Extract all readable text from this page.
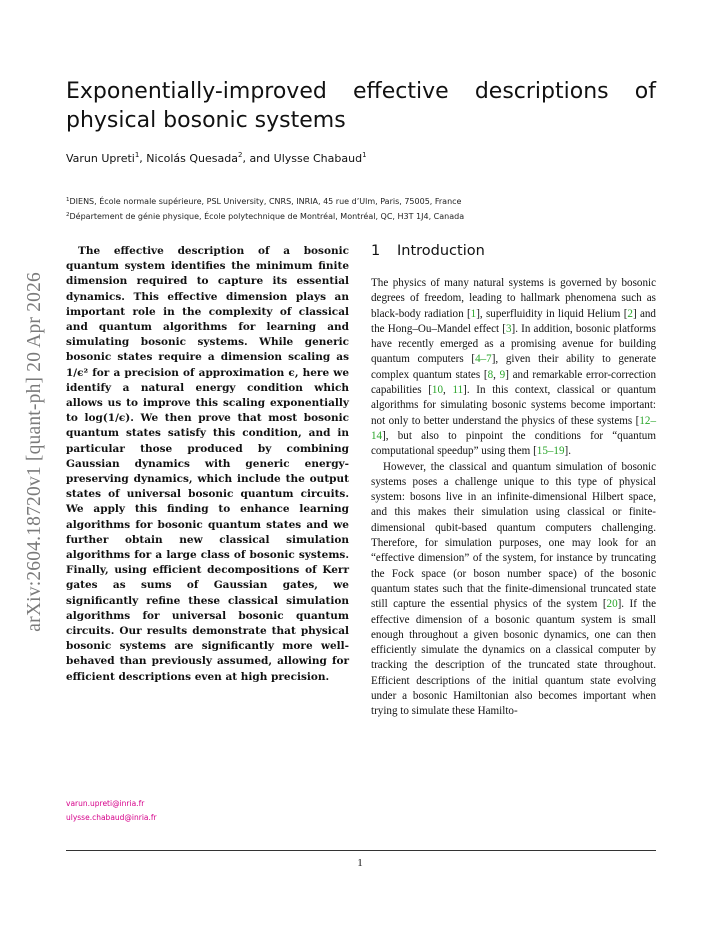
arXiv:2604.18720v1 [quant-ph] 20 Apr 2026
Exponentially-improved effective descriptions of physical bosonic systems
Varun Upreti$^1$, Nicolás Quesada$^2$, and Ulysse Chabaud$^1$
$^1$DIENS, École normale supérieure, PSL University, CNRS, INRIA, 45 rue d’Ulm, Paris, 75005, France
$^2$Département de génie physique, École polytechnique de Montréal, Montréal, QC, H3T 1J4, Canada

The effective description of a bosonic quantum system identifies the minimum finite dimension required to capture its essential dynamics. This effective dimension plays an important role in the complexity of classical and quantum algorithms for learning and simulating bosonic systems. While generic bosonic states require a dimension scaling as 1/ϵ² for a precision of approximation ϵ, here we identify a natural energy condition which allows us to improve this scaling exponentially to log(1/ϵ). We then prove that most bosonic quantum states satisfy this condition, and in particular those produced by combining Gaussian dynamics with generic energy-preserving dynamics, which include the output states of universal bosonic quantum circuits. We apply this finding to enhance learning algorithms for bosonic quantum states and we further obtain new classical simulation algorithms for a large class of bosonic systems. Finally, using efficient decompositions of Kerr gates as sums of Gaussian gates, we significantly refine these classical simulation algorithms for universal bosonic quantum circuits. Our results demonstrate that physical bosonic systems are significantly more well-behaved than previously assumed, allowing for efficient descriptions even at high precision.

varun.upreti@inria.fr
ulysse.chabaud@inria.fr
1 Introduction

The physics of many natural systems is governed by bosonic degrees of freedom, leading to hallmark phenomena such as black-body radiation [1], superfluidity in liquid Helium [2] and the Hong–Ou–Mandel effect [3]. In addition, bosonic platforms have recently emerged as a promising avenue for building quantum computers [4–7], given their ability to generate complex quantum states [8, 9] and remarkable error-correction capabilities [10, 11]. In this context, classical or quantum algorithms for simulating bosonic systems become important: not only to better understand the physics of these systems [12–14], but also to pinpoint the conditions for “quantum computational speedup” using them [15–19].

However, the classical and quantum simulation of bosonic systems poses a challenge unique to this type of physical system: bosons live in an infinite-dimensional Hilbert space, and this makes their simulation using classical or finite-dimensional qubit-based quantum computers challenging. Therefore, for simulation purposes, one may look for an “effective dimension” of the system, for instance by truncating the Fock space (or boson number space) of the bosonic quantum states such that the finite-dimensional truncated state still capture the essential physics of the system [20]. If the effective dimension of a bosonic quantum system is small enough throughout a given bosonic dynamics, one can then efficiently simulate the dynamics on a classical computer by tracking the description of the truncated state throughout. Efficient descriptions of the initial quantum state evolving under a bosonic Hamiltonian also becomes important when trying to simulate these Hamilto-

1
